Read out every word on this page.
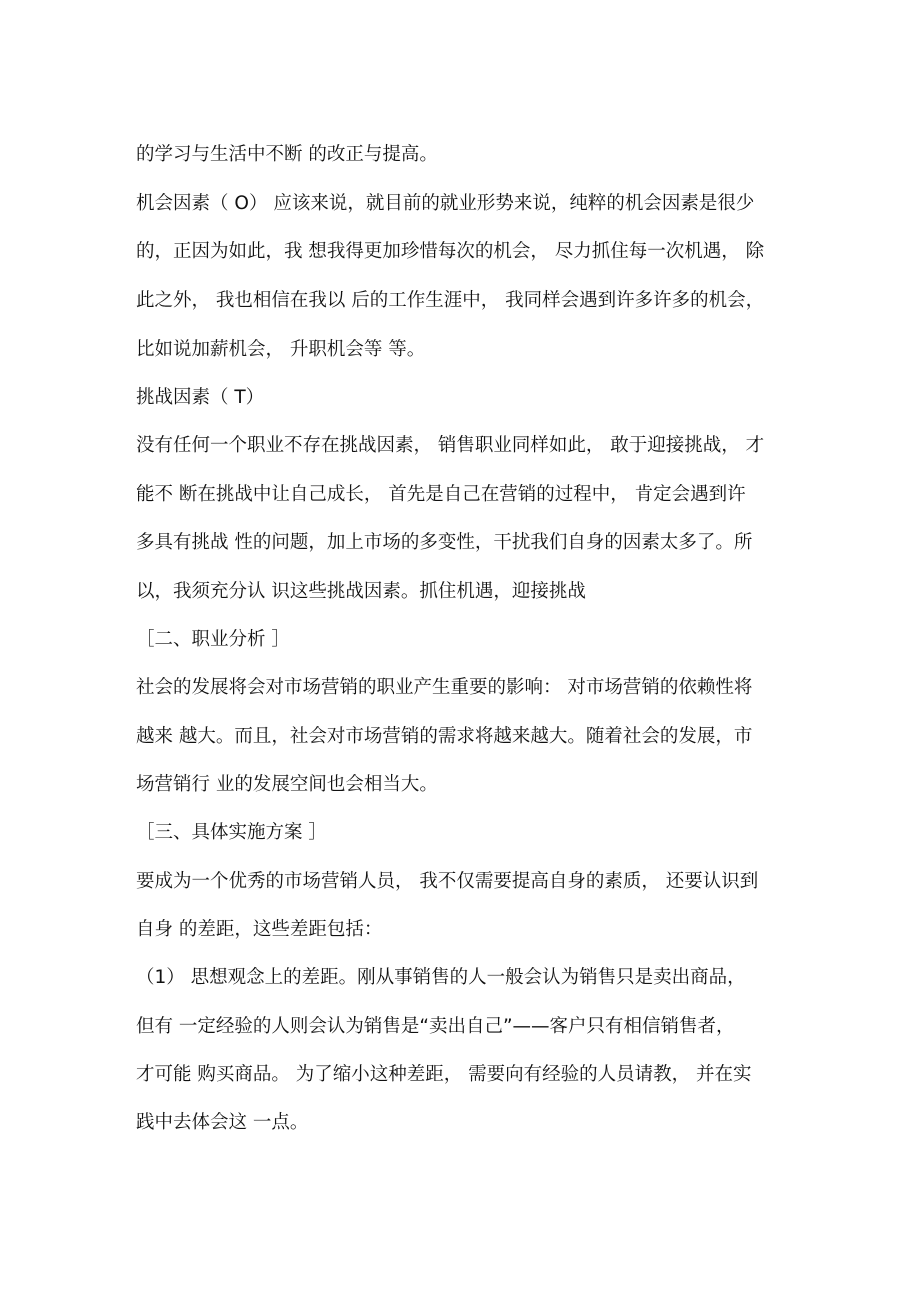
的学习与生活中不断 的改正与提高。
机会因素（ O） 应该来说，就目前的就业形势来说，纯粹的机会因素是很少
的，正因为如此，我 想我得更加珍惜每次的机会， 尽力抓住每一次机遇， 除
此之外， 我也相信在我以 后的工作生涯中， 我同样会遇到许多许多的机会，
比如说加薪机会， 升职机会等 等。
挑战因素（ T）
没有任何一个职业不存在挑战因素， 销售职业同样如此， 敢于迎接挑战， 才
能不 断在挑战中让自己成长， 首先是自己在营销的过程中， 肯定会遇到许
多具有挑战 性的问题，加上市场的多变性，干扰我们自身的因素太多了。所
以，我须充分认 识这些挑战因素。抓住机遇，迎接挑战
［二、职业分析 ］
社会的发展将会对市场营销的职业产生重要的影响： 对市场营销的依赖性将
越来 越大。而且，社会对市场营销的需求将越来越大。随着社会的发展，市
场营销行 业的发展空间也会相当大。
［三、具体实施方案 ］
要成为一个优秀的市场营销人员， 我不仅需要提高自身的素质， 还要认识到
自身 的差距，这些差距包括：
（1） 思想观念上的差距。刚从事销售的人一般会认为销售只是卖出商品，
但有 一定经验的人则会认为销售是“卖出自己”——客户只有相信销售者，
才可能 购买商品。 为了缩小这种差距， 需要向有经验的人员请教， 并在实
践中去体会这 一点。
